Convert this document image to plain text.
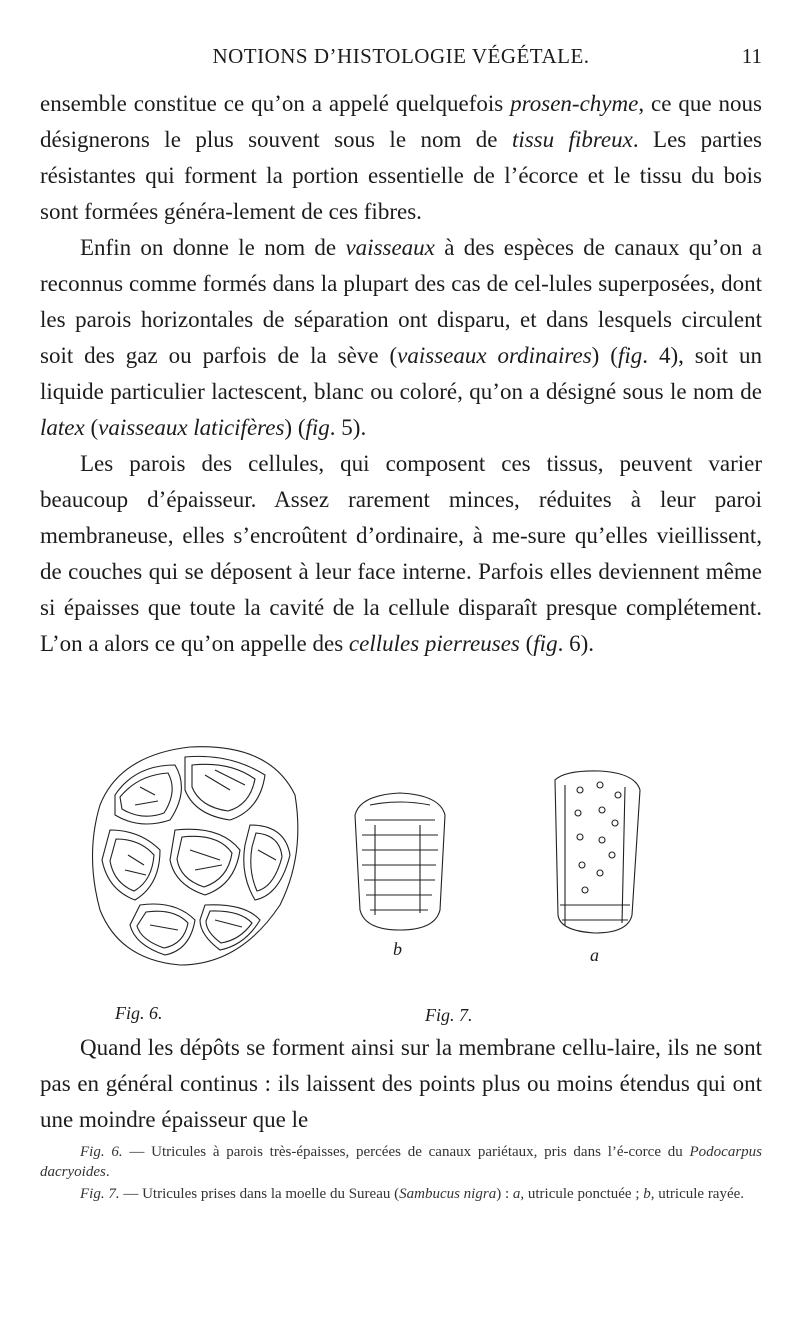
NOTIONS D’HISTOLOGIE VÉGÉTALE.	11

ensemble constitue ce qu’on a appelé quelquefois prosen-chyme, ce que nous désignerons le plus souvent sous le nom de tissu fibreux. Les parties résistantes qui forment la portion essentielle de l’écorce et le tissu du bois sont formées généra-lement de ces fibres.

Enfin on donne le nom de vaisseaux à des espèces de canaux qu’on a reconnus comme formés dans la plupart des cas de cel-lules superposées, dont les parois horizontales de séparation ont disparu, et dans lesquels circulent soit des gaz ou parfois de la sève (vaisseaux ordinaires) (fig. 4), soit un liquide particulier lactescent, blanc ou coloré, qu’on a désigné sous le nom de latex (vaisseaux laticifères) (fig. 5).

Les parois des cellules, qui composent ces tissus, peuvent varier beaucoup d’épaisseur. Assez rarement minces, réduites à leur paroi membraneuse, elles s’encroûtent d’ordinaire, à me-sure qu’elles vieillissent, de couches qui se déposent à leur face interne. Parfois elles deviennent même si épaisses que toute la cavité de la cellule disparaît presque complétement. L’on a alors ce qu’on appelle des cellules pierreuses (fig. 6).

Fig. 6.
b	a
Fig. 7.

Quand les dépôts se forment ainsi sur la membrane cellu-laire, ils ne sont pas en général continus : ils laissent des points plus ou moins étendus qui ont une moindre épaisseur que le

Fig. 6. — Utricules à parois très-épaisses, percées de canaux pariétaux, pris dans l’é-corce du Podocarpus dacryoides.

Fig. 7. — Utricules prises dans la moelle du Sureau (Sambucus nigra) : a, utricule ponctuée ; b, utricule rayée.
